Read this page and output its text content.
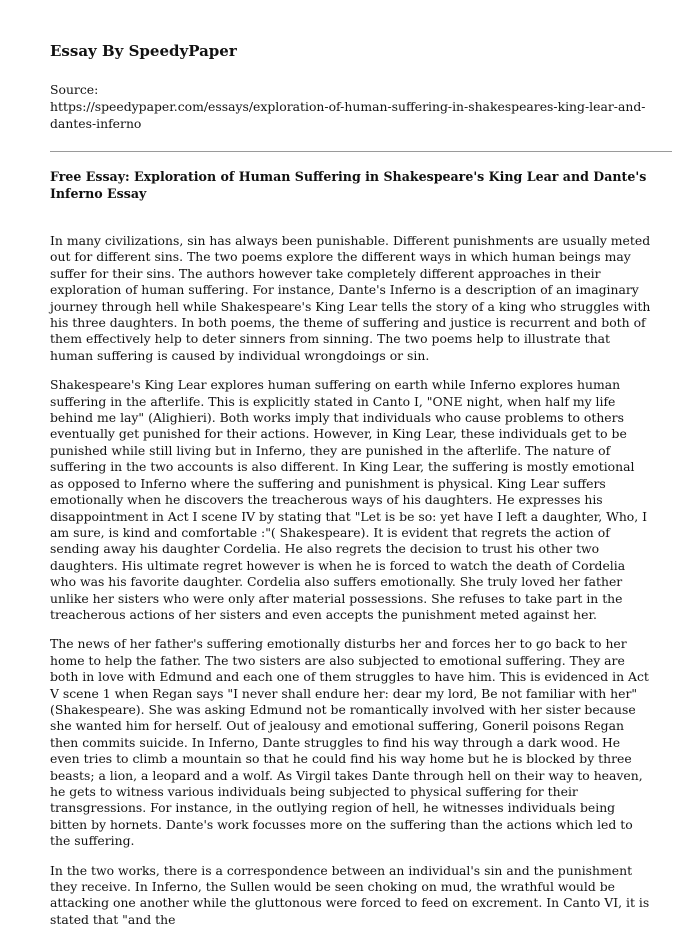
Essay By SpeedyPaper
Source:
https://speedypaper.com/essays/exploration-of-human-suffering-in-shakespeares-king-lear-and-dantes-inferno
Free Essay: Exploration of Human Suffering in Shakespeare's King Lear and Dante's Inferno Essay

In many civilizations, sin has always been punishable. Different punishments are usually meted out for different sins. The two poems explore the different ways in which human beings may suffer for their sins. The authors however take completely different approaches in their exploration of human suffering. For instance, Dante's Inferno is a description of an imaginary journey through hell while Shakespeare's King Lear tells the story of a king who struggles with his three daughters. In both poems, the theme of suffering and justice is recurrent and both of them effectively help to deter sinners from sinning. The two poems help to illustrate that human suffering is caused by individual wrongdoings or sin.

Shakespeare's King Lear explores human suffering on earth while Inferno explores human suffering in the afterlife. This is explicitly stated in Canto I, "ONE night, when half my life behind me lay" (Alighieri). Both works imply that individuals who cause problems to others eventually get punished for their actions. However, in King Lear, these individuals get to be punished while still living but in Inferno, they are punished in the afterlife. The nature of suffering in the two accounts is also different. In King Lear, the suffering is mostly emotional as opposed to Inferno where the suffering and punishment is physical. King Lear suffers emotionally when he discovers the treacherous ways of his daughters. He expresses his disappointment in Act I scene IV by stating that "Let is be so: yet have I left a daughter, Who, I am sure, is kind and comfortable :"( Shakespeare). It is evident that regrets the action of sending away his daughter Cordelia. He also regrets the decision to trust his other two daughters. His ultimate regret however is when he is forced to watch the death of Cordelia who was his favorite daughter. Cordelia also suffers emotionally. She truly loved her father unlike her sisters who were only after material possessions. She refuses to take part in the treacherous actions of her sisters and even accepts the punishment meted against her.

The news of her father's suffering emotionally disturbs her and forces her to go back to her home to help the father. The two sisters are also subjected to emotional suffering. They are both in love with Edmund and each one of them struggles to have him. This is evidenced in Act V scene 1 when Regan says "I never shall endure her: dear my lord, Be not familiar with her" (Shakespeare). She was asking Edmund not be romantically involved with her sister because she wanted him for herself. Out of jealousy and emotional suffering, Goneril poisons Regan then commits suicide. In Inferno, Dante struggles to find his way through a dark wood. He even tries to climb a mountain so that he could find his way home but he is blocked by three beasts; a lion, a leopard and a wolf. As Virgil takes Dante through hell on their way to heaven, he gets to witness various individuals being subjected to physical suffering for their transgressions. For instance, in the outlying region of hell, he witnesses individuals being bitten by hornets. Dante's work focusses more on the suffering than the actions which led to the suffering.

In the two works, there is a correspondence between an individual's sin and the punishment they receive. In Inferno, the Sullen would be seen choking on mud, the wrathful would be attacking one another while the gluttonous were forced to feed on excrement. In Canto VI, it is stated that "and the
